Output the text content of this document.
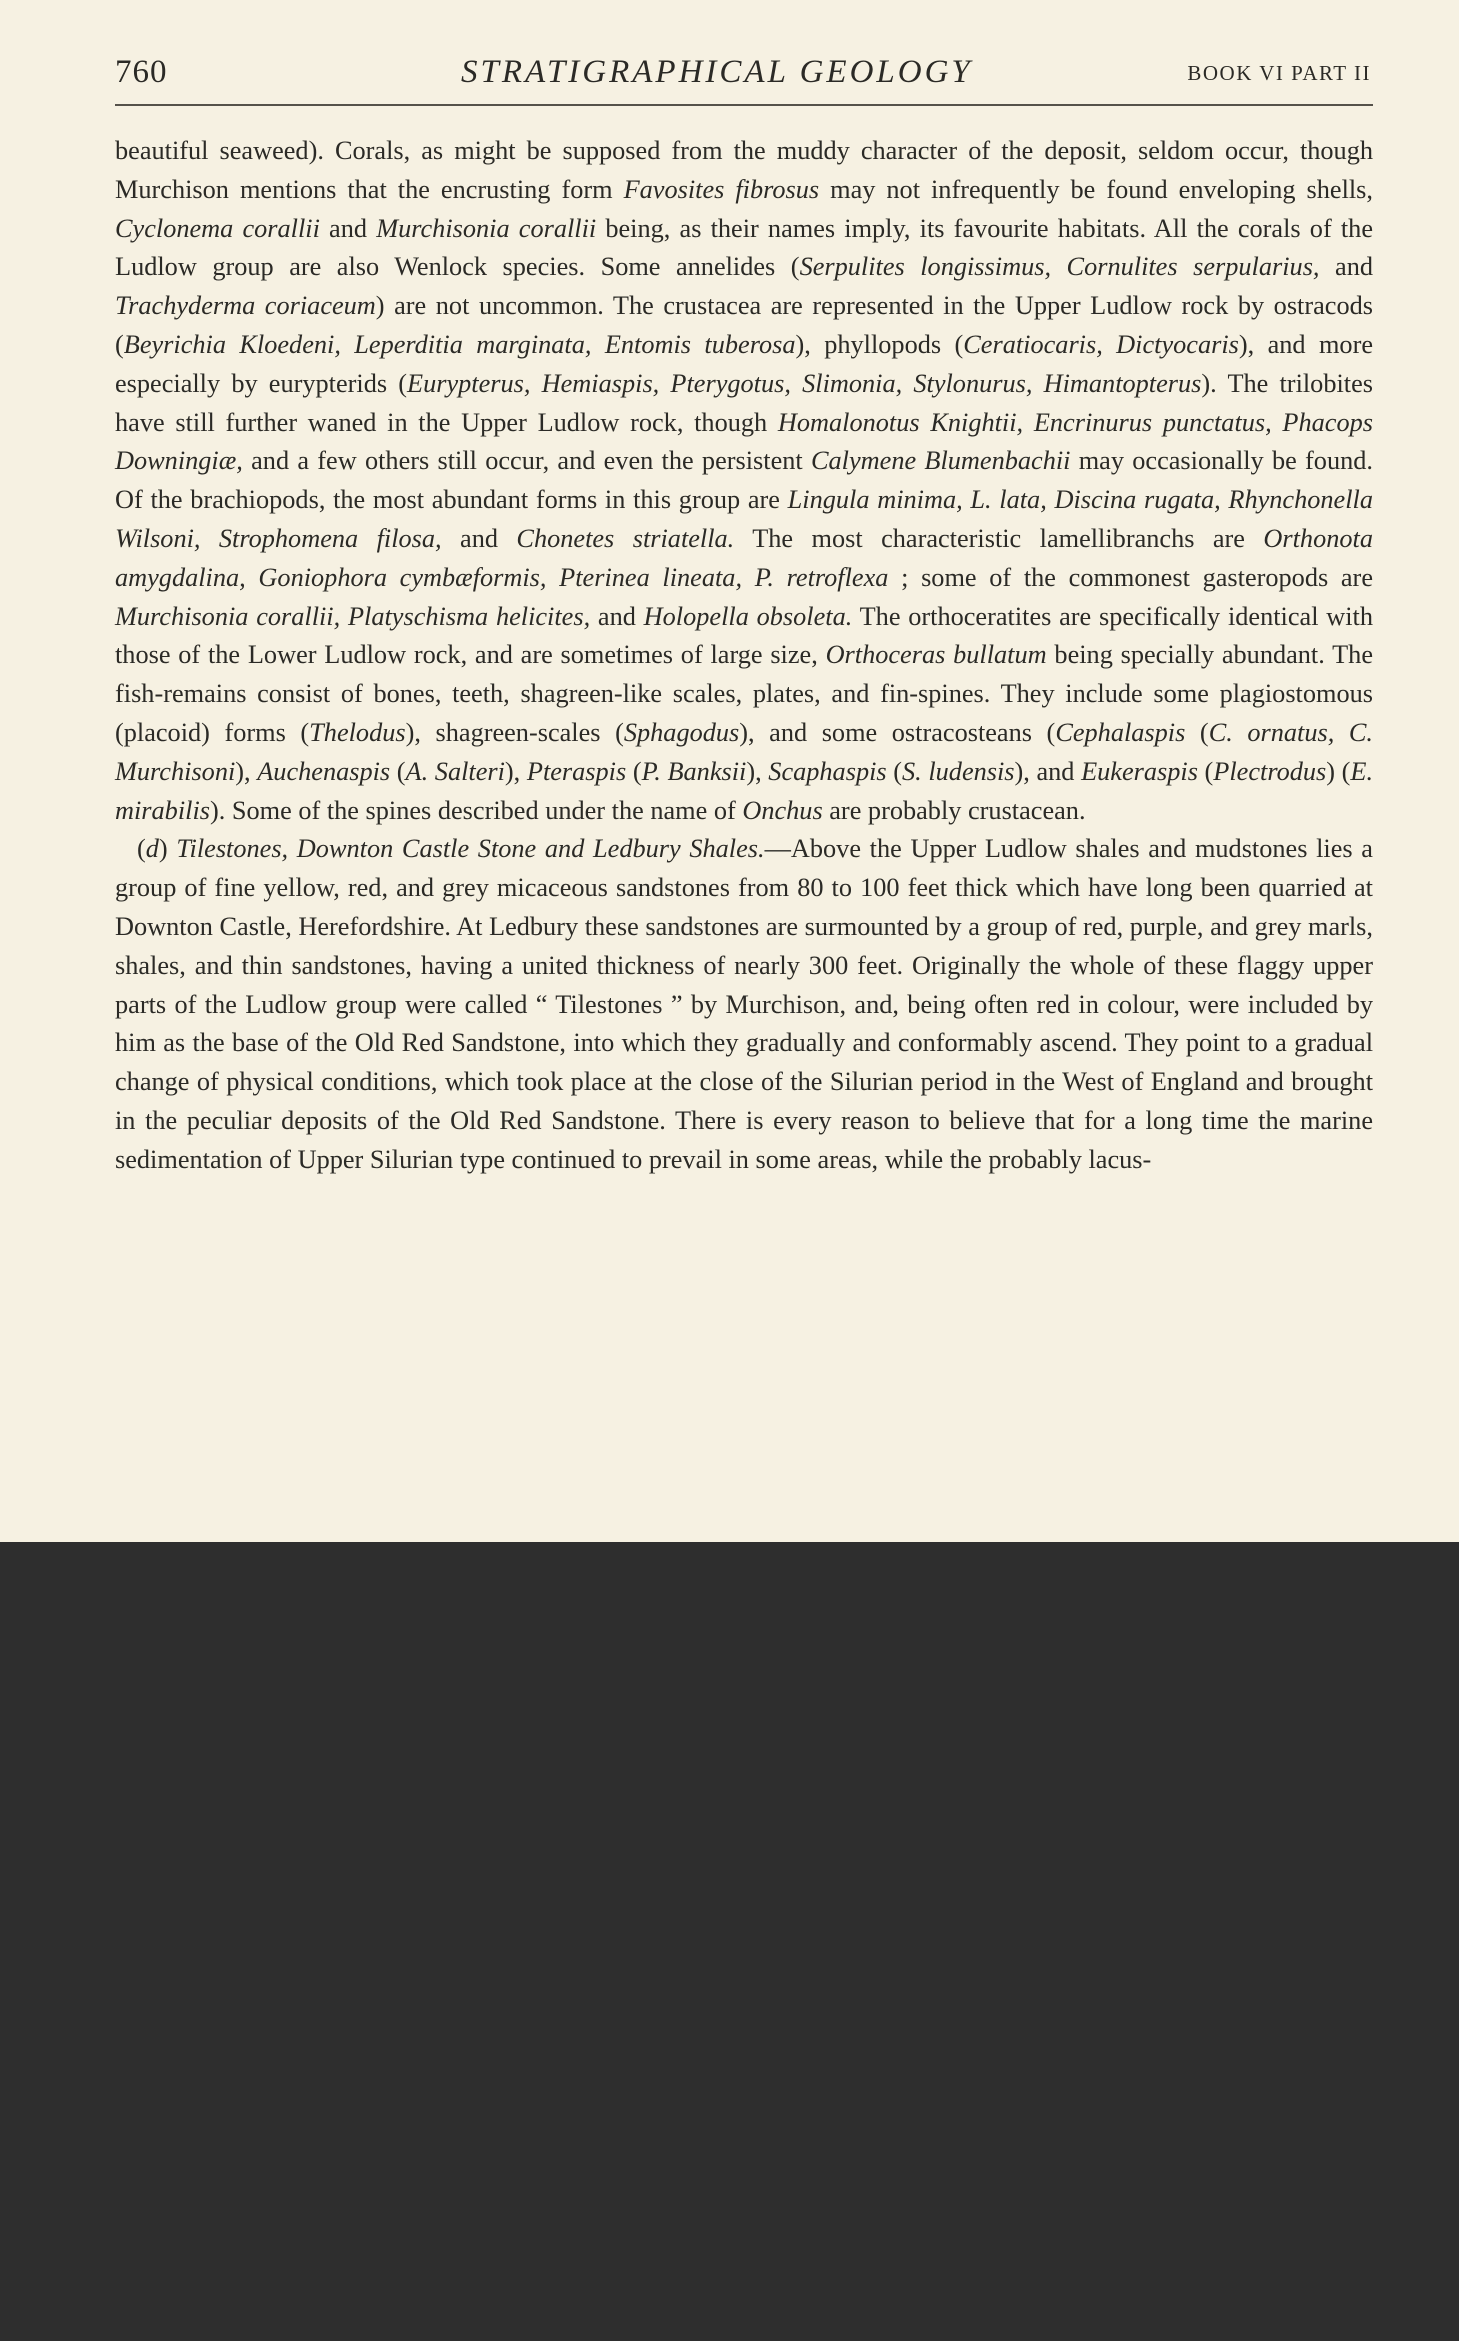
760	STRATIGRAPHICAL GEOLOGY	BOOK VI PART II

beautiful seaweed). Corals, as might be supposed from the muddy character of the deposit, seldom occur, though Murchison mentions that the encrusting form Favosites fibrosus may not infrequently be found enveloping shells, Cyclonema corallii and Murchisonia corallii being, as their names imply, its favourite habitats. All the corals of the Ludlow group are also Wenlock species. Some annelides (Serpulites longissimus, Cornulites serpularius, and Trachyderma coriaceum) are not uncommon. The crustacea are represented in the Upper Ludlow rock by ostracods (Beyrichia Kloedeni, Leperditia marginata, Entomis tuberosa), phyllopods (Ceratiocaris, Dictyocaris), and more especially by eurypterids (Eurypterus, Hemiaspis, Pterygotus, Slimonia, Stylonurus, Himantopterus). The trilobites have still further waned in the Upper Ludlow rock, though Homalonotus Knightii, Encrinurus punctatus, Phacops Downingiæ, and a few others still occur, and even the persistent Calymene Blumenbachii may occasionally be found. Of the brachiopods, the most abundant forms in this group are Lingula minima, L. lata, Discina rugata, Rhynchonella Wilsoni, Strophomena filosa, and Chonetes striatella. The most characteristic lamellibranchs are Orthonota amygdalina, Goniophora cymbæformis, Pterinea lineata, P. retroflexa ; some of the commonest gasteropods are Murchisonia corallii, Platyschisma helicites, and Holopella obsoleta. The orthoceratites are specifically identical with those of the Lower Ludlow rock, and are sometimes of large size, Orthoceras bullatum being specially abundant. The fish-remains consist of bones, teeth, shagreen-like scales, plates, and fin-spines. They include some plagiostomous (placoid) forms (Thelodus), shagreen-scales (Sphagodus), and some ostracosteans (Cephalaspis (C. ornatus, C. Murchisoni), Auchenaspis (A. Salteri), Pteraspis (P. Banksii), Scaphaspis (S. ludensis), and Eukeraspis (Plectrodus) (E. mirabilis). Some of the spines described under the name of Onchus are probably crustacean.

(d) Tilestones, Downton Castle Stone and Ledbury Shales.—Above the Upper Ludlow shales and mudstones lies a group of fine yellow, red, and grey micaceous sandstones from 80 to 100 feet thick which have long been quarried at Downton Castle, Herefordshire. At Ledbury these sandstones are surmounted by a group of red, purple, and grey marls, shales, and thin sandstones, having a united thickness of nearly 300 feet. Originally the whole of these flaggy upper parts of the Ludlow group were called “ Tilestones ” by Murchison, and, being often red in colour, were included by him as the base of the Old Red Sandstone, into which they gradually and conformably ascend. They point to a gradual change of physical conditions, which took place at the close of the Silurian period in the West of England and brought in the peculiar deposits of the Old Red Sandstone. There is every reason to believe that for a long time the marine sedimentation of Upper Silurian type continued to prevail in some areas, while the probably lacus-
